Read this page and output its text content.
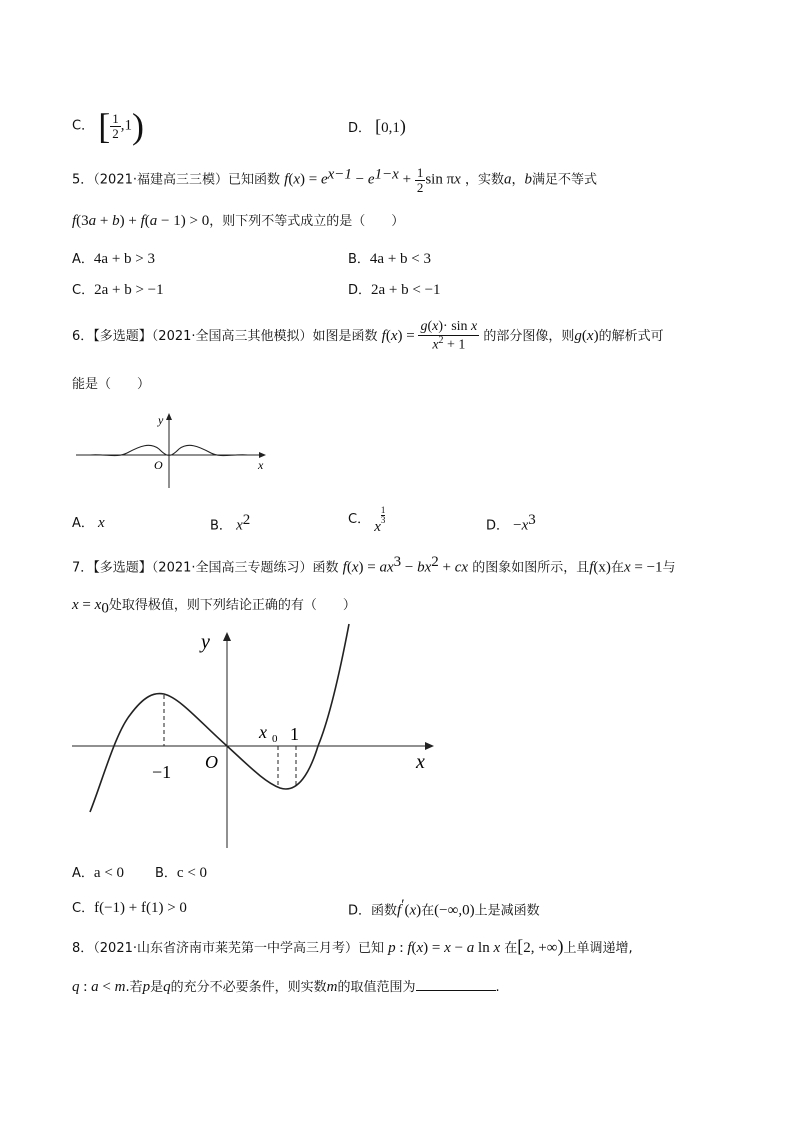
C． [ $\frac{1}{2} ,1$)	D． [0,1)
5．（2021·福建高三三模）已知函数 $f(x) = e^{x-1} - e^{1-x} + \frac{1}{2}$ sin πx ，实数a，b满足不等式
f(3a + b) + f(a − 1) > 0，则下列不等式成立的是（　　）
A．4a + b > 3	B．4a + b < 3
C．2a + b > −1	D．2a + b < −1
6．【多选题】（2021·全国高三其他模拟）如图是函数 $f(x) = \frac{\text{g(x)· sin x}}{x^2 + 1}$ 的部分图像，则g(x)的解析式可
能是（　　）
y
x
O
A． x	B． $x^2$	C． x
$\frac{1}{3}$
D． $-x^3$
7．【多选题】（2021·全国高三专题练习）函数 $f(x) = ax^3 - bx^2$ + cx 的图象如图所示，且f(x)在x = −1与
$x = x_0$处取得极值，则下列结论正确的有（　　）
y
x
O
−1
x 0 1
A．a < 0 B．c < 0
C．f(−1) + f(1) > 0	D．函数f′(x)在(−∞,0)上是减函数
8．（2021·山东省济南市莱芜第一中学高三月考）已知 p : f(x) = x − a ln x 在[2, +∞)上单调递增,
q : a < m.若p是q的充分不必要条件，则实数m的取值范围为	.
